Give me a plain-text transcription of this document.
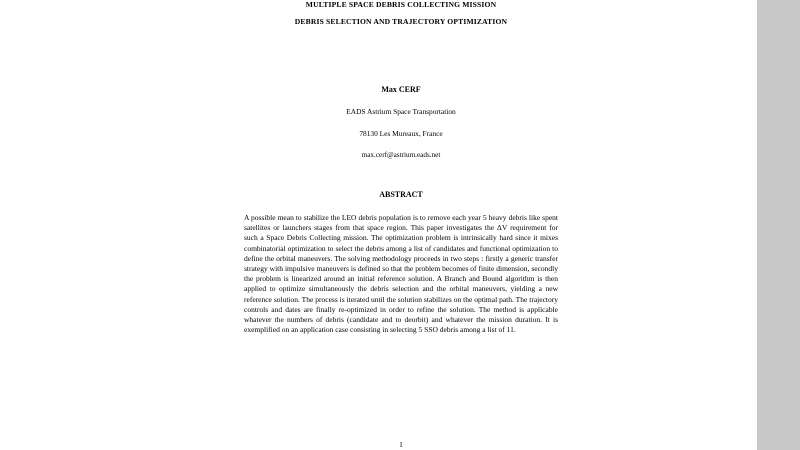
MULTIPLE SPACE DEBRIS COLLECTING MISSION
DEBRIS SELECTION AND TRAJECTORY OPTIMIZATION
Max CERF
EADS Astrium Space Transportation
78130 Les Mureaux, France
max.cerf@astrium.eads.net
ABSTRACT
A possible mean to stabilize the LEO debris population is to remove each year 5 heavy debris like spent satellites or launchers stages from that space region. This paper investigates the ΔV requirement for such a Space Debris Collecting mission. The optimization problem is intrinsically hard since it mixes combinatorial optimization to select the debris among a list of candidates and functional optimization to define the orbital maneuvers. The solving methodology proceeds in two steps : firstly a generic transfer strategy with impulsive maneuvers is defined so that the problem becomes of finite dimension, secondly the problem is linearized around an initial reference solution. A Branch and Bound algorithm is then applied to optimize simultaneously the debris selection and the orbital maneuvers, yielding a new reference solution. The process is iterated until the solution stabilizes on the optimal path. The trajectory controls and dates are finally re-optimized in order to refine the solution. The method is applicable whatever the numbers of debris (candidate and to deorbit) and whatever the mission duration. It is exemplified on an application case consisting in selecting 5 SSO debris among a list of 11.
1
